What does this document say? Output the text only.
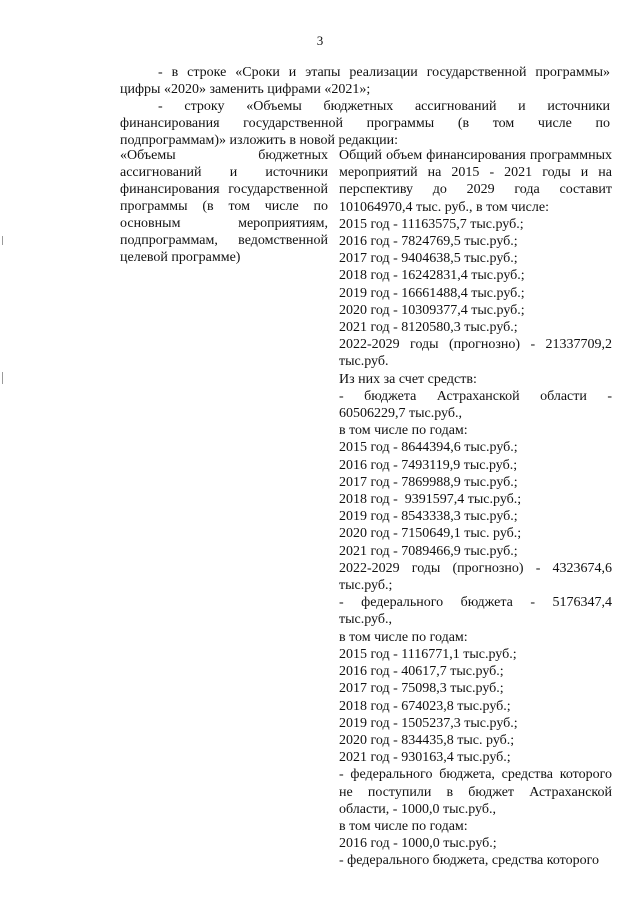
3

- в строке «Сроки и этапы реализации государственной программы» цифры «2020» заменить цифрами «2021»;

- строку «Объемы бюджетных ассигнований и источники

финансирования государственной программы (в том числе по

подпрограммам)» изложить в новой редакции:

«Объемы бюджетных ассигнований и источники финансирования государственной программы (в том числе по основным мероприятиям, подпрограммам, ведомственной целевой программе)

Общий объем финансирования программных мероприятий на 2015 - 2021 годы и на перспективу до 2029 года составит 101064970,4 тыс. руб., в том числе:
2015 год - 11163575,7 тыс.руб.;
2016 год - 7824769,5 тыс.руб.;
2017 год - 9404638,5 тыс.руб.;
2018 год - 16242831,4 тыс.руб.;
2019 год - 16661488,4 тыс.руб.;
2020 год - 10309377,4 тыс.руб.;
2021 год - 8120580,3 тыс.руб.;
2022-2029 годы (прогнозно) - 21337709,2 тыс.руб.
Из них за счет средств:
- бюджета Астраханской области - 60506229,7 тыс.руб.,
в том числе по годам:
2015 год - 8644394,6 тыс.руб.;
2016 год - 7493119,9 тыс.руб.;
2017 год - 7869988,9 тыс.руб.;
2018 год -  9391597,4 тыс.руб.;
2019 год - 8543338,3 тыс.руб.;
2020 год - 7150649,1 тыс. руб.;
2021 год - 7089466,9 тыс.руб.;
2022-2029 годы (прогнозно) - 4323674,6 тыс.руб.;
- федерального бюджета - 5176347,4 тыс.руб.,
в том числе по годам:
2015 год - 1116771,1 тыс.руб.;
2016 год - 40617,7 тыс.руб.;
2017 год - 75098,3 тыс.руб.;
2018 год - 674023,8 тыс.руб.;
2019 год - 1505237,3 тыс.руб.;
2020 год - 834435,8 тыс. руб.;
2021 год - 930163,4 тыс.руб.;
- федерального бюджета, средства которого не поступили в бюджет Астраханской области, - 1000,0 тыс.руб.,
в том числе по годам:
2016 год - 1000,0 тыс.руб.;
- федерального бюджета, средства которого
